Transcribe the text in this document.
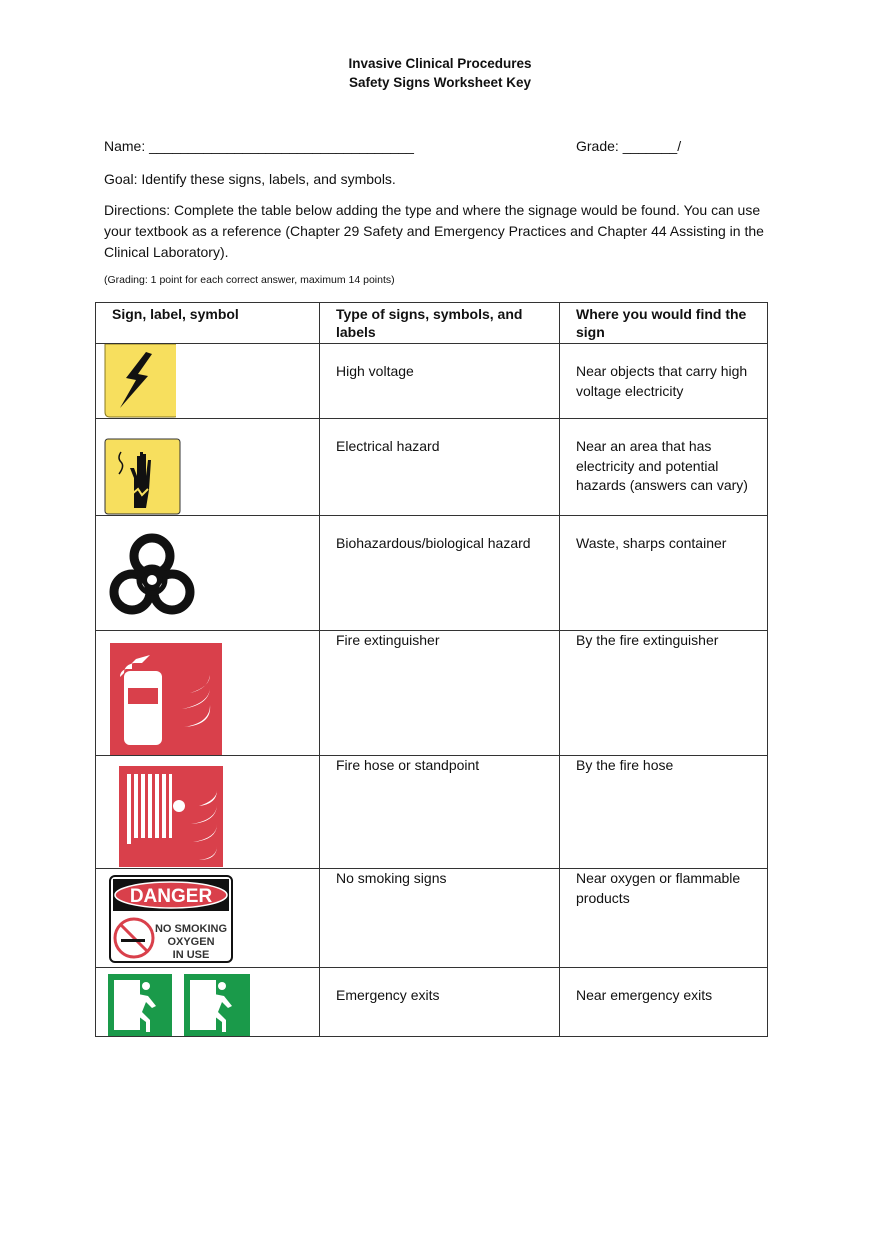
Invasive Clinical Procedures
Safety Signs Worksheet Key
Name: __________________________________	Grade: _______/
Goal: Identify these signs, labels, and symbols.
Directions: Complete the table below adding the type and where the signage would be found. You can use your textbook as a reference (Chapter 29 Safety and Emergency Practices and Chapter 44 Assisting in the Clinical Laboratory).
(Grading: 1 point for each correct answer, maximum 14 points)
Sign, label, symbol	Type of signs, symbols, and labels	Where you would find the sign

	High voltage	Near objects that carry high voltage electricity

	Electrical hazard	Near an area that has electricity and potential hazards (answers can vary)

	Biohazardous/biological hazard	Waste, sharps container

	Fire extinguisher	By the fire extinguisher

	Fire hose or standpoint	By the fire hose

DANGER
NO SMOKING
OXYGEN
IN USE	No smoking signs	Near oxygen or flammable products

	Emergency exits	Near emergency exits
